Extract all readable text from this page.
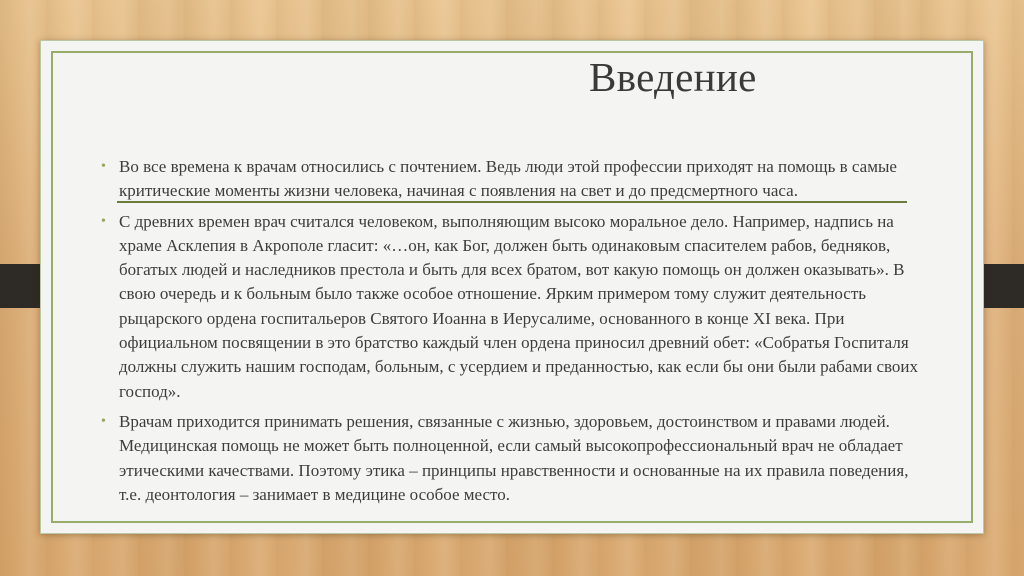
Введение
• Во все времена к врачам относились с почтением. Ведь люди этой профессии приходят на помощь в самые критические моменты жизни человека, начиная с появления на свет и до предсмертного часа.
• С древних времен врач считался человеком, выполняющим высоко моральное дело. Например, надпись на храме Асклепия в Акрополе гласит: «…он, как Бог, должен быть одинаковым спасителем рабов, бедняков, богатых людей и наследников престола и быть для всех братом, вот какую помощь он должен оказывать». В свою очередь и к больным было также особое отношение. Ярким примером тому служит деятельность рыцарского ордена госпитальеров Святого Иоанна в Иерусалиме, основанного в конце XI века. При официальном посвящении в это братство каждый член ордена приносил древний обет: «Собратья Госпиталя должны служить нашим господам, больным, с усердием и преданностью, как если бы они были рабами своих господ».
• Врачам приходится принимать решения, связанные с жизнью, здоровьем, достоинством и правами людей. Медицинская помощь не может быть полноценной, если самый высокопрофессиональный врач не обладает этическими качествами. Поэтому этика – принципы нравственности и основанные на их правила поведения, т.е. деонтология – занимает в медицине особое место.
